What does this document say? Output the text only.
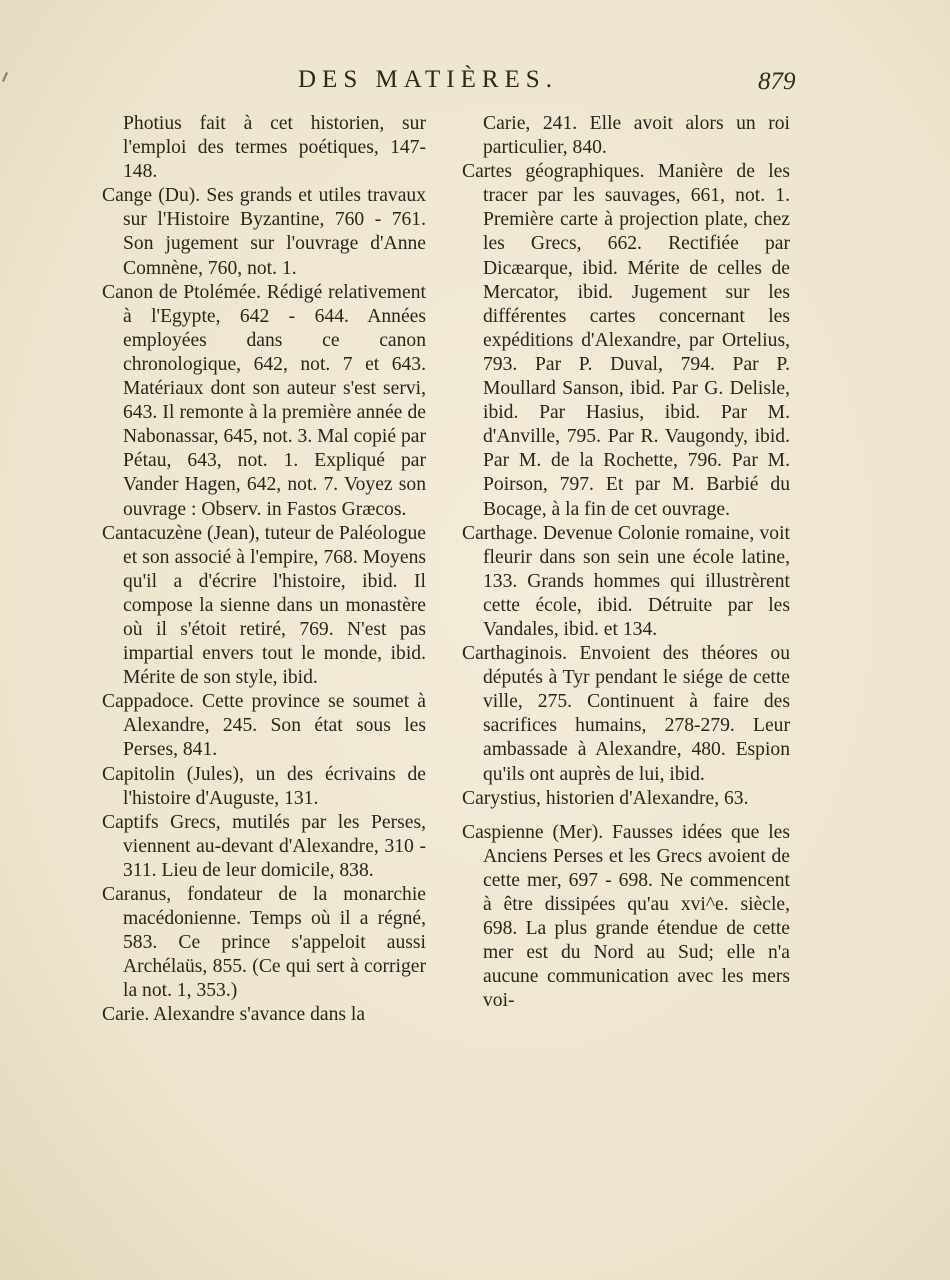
DES MATIÈRES.	879

Photius fait à cet historien, sur l'emploi des termes poétiques, 147-148.

Cange (Du). Ses grands et utiles travaux sur l'Histoire Byzantine, 760 - 761. Son jugement sur l'ouvrage d'Anne Comnène, 760, not. 1.

Canon de Ptolémée. Rédigé relativement à l'Egypte, 642 - 644. Années employées dans ce canon chronologique, 642, not. 7 et 643. Matériaux dont son auteur s'est servi, 643. Il remonte à la première année de Nabonassar, 645, not. 3. Mal copié par Pétau, 643, not. 1. Expliqué par Vander Hagen, 642, not. 7. Voyez son ouvrage : Observ. in Fastos Græcos.

Cantacuzène (Jean), tuteur de Paléologue et son associé à l'empire, 768. Moyens qu'il a d'écrire l'histoire, ibid. Il compose la sienne dans un monastère où il s'étoit retiré, 769. N'est pas impartial envers tout le monde, ibid. Mérite de son style, ibid.

Cappadoce. Cette province se soumet à Alexandre, 245. Son état sous les Perses, 841.

Capitolin (Jules), un des écrivains de l'histoire d'Auguste, 131.

Captifs Grecs, mutilés par les Perses, viennent au-devant d'Alexandre, 310 - 311. Lieu de leur domicile, 838.

Caranus, fondateur de la monarchie macédonienne. Temps où il a régné, 583. Ce prince s'appeloit aussi Archélaüs, 855. (Ce qui sert à corriger la not. 1, 353.)

Carie. Alexandre s'avance dans la

Carie, 241. Elle avoit alors un roi particulier, 840.

Cartes géographiques. Manière de les tracer par les sauvages, 661, not. 1. Première carte à projection plate, chez les Grecs, 662. Rectifiée par Dicæarque, ibid. Mérite de celles de Mercator, ibid. Jugement sur les différentes cartes concernant les expéditions d'Alexandre, par Ortelius, 793. Par P. Duval, 794. Par P. Moullard Sanson, ibid. Par G. Delisle, ibid. Par Hasius, ibid. Par M. d'Anville, 795. Par R. Vaugondy, ibid. Par M. de la Rochette, 796. Par M. Poirson, 797. Et par M. Barbié du Bocage, à la fin de cet ouvrage.

Carthage. Devenue Colonie romaine, voit fleurir dans son sein une école latine, 133. Grands hommes qui illustrèrent cette école, ibid. Détruite par les Vandales, ibid. et 134.

Carthaginois. Envoient des théores ou députés à Tyr pendant le siége de cette ville, 275. Continuent à faire des sacrifices humains, 278-279. Leur ambassade à Alexandre, 480. Espion qu'ils ont auprès de lui, ibid.

Carystius, historien d'Alexandre, 63.

Caspienne (Mer). Fausses idées que les Anciens Perses et les Grecs avoient de cette mer, 697 - 698. Ne commencent à être dissipées qu'au xvi^e. siècle, 698. La plus grande étendue de cette mer est du Nord au Sud; elle n'a aucune communication avec les mers voi-
